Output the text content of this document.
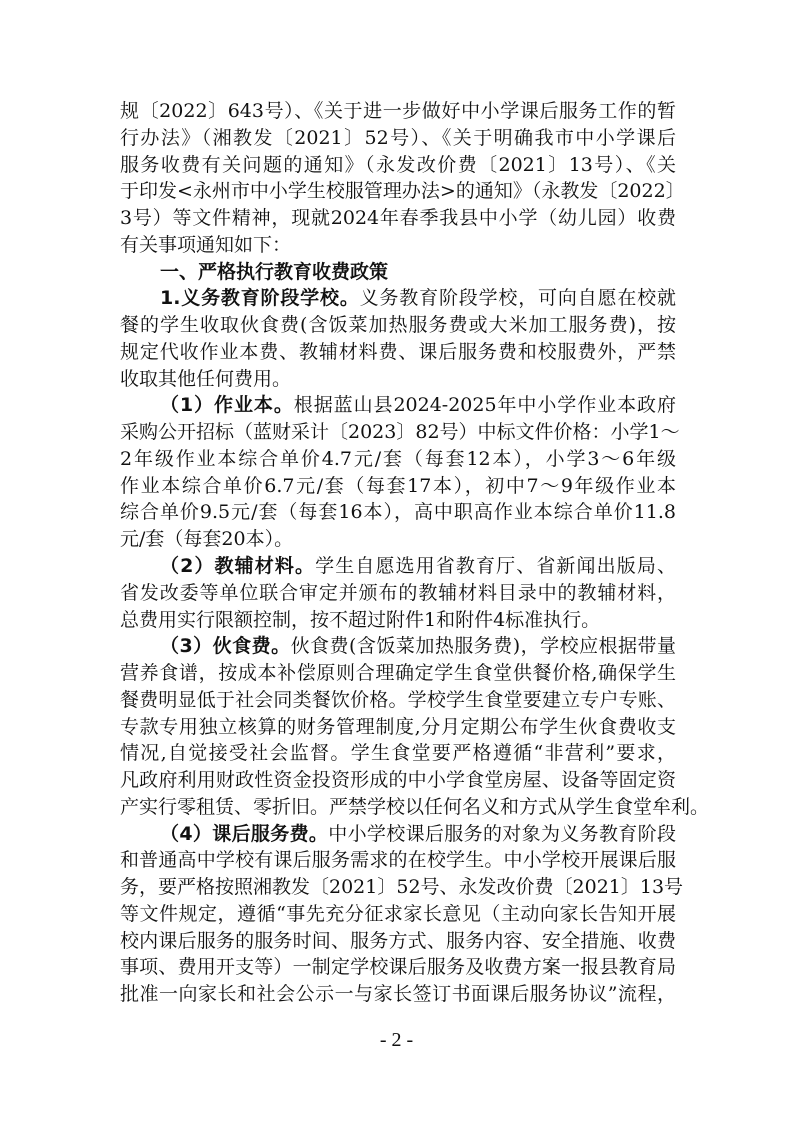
规〔2022〕643号）、《关于进一步做好中小学课后服务工作的暂
行办法》（湘教发〔2021〕52号）、《关于明确我市中小学课后
服务收费有关问题的通知》（永发改价费〔2021〕13号）、《关
于印发<永州市中小学生校服管理办法>的通知》（永教发〔2022〕
3号）等文件精神，现就2024年春季我县中小学（幼儿园）收费
有关事项通知如下：
一、严格执行教育收费政策
1.义务教育阶段学校。义务教育阶段学校，可向自愿在校就
餐的学生收取伙食费(含饭菜加热服务费或大米加工服务费)，按
规定代收作业本费、教辅材料费、课后服务费和校服费外，严禁
收取其他任何费用。
（1）作业本。根据蓝山县2024-2025年中小学作业本政府
采购公开招标（蓝财采计〔2023〕82号）中标文件价格：小学1～
2年级作业本综合单价4.7元/套（每套12本），小学3～6年级
作业本综合单价6.7元/套（每套17本），初中7～9年级作业本
综合单价9.5元/套（每套16本），高中职高作业本综合单价11.8
元/套（每套20本）。
（2）教辅材料。学生自愿选用省教育厅、省新闻出版局、
省发改委等单位联合审定并颁布的教辅材料目录中的教辅材料，
总费用实行限额控制，按不超过附件1和附件4标准执行。
（3）伙食费。伙食费(含饭菜加热服务费)，学校应根据带量
营养食谱，按成本补偿原则合理确定学生食堂供餐价格,确保学生
餐费明显低于社会同类餐饮价格。学校学生食堂要建立专户专账、
专款专用独立核算的财务管理制度,分月定期公布学生伙食费收支
情况,自觉接受社会监督。学生食堂要严格遵循“非营利”要求，
凡政府利用财政性资金投资形成的中小学食堂房屋、设备等固定资
产实行零租赁、零折旧。严禁学校以任何名义和方式从学生食堂牟利。
- 2 -
（4）课后服务费。中小学校课后服务的对象为义务教育阶段
和普通高中学校有课后服务需求的在校学生。中小学校开展课后服
务，要严格按照湘教发〔2021〕52号、永发改价费〔2021〕13号
等文件规定，遵循“事先充分征求家长意见（主动向家长告知开展
校内课后服务的服务时间、服务方式、服务内容、安全措施、收费
事项、费用开支等）一制定学校课后服务及收费方案一报县教育局
批准一向家长和社会公示一与家长签订书面课后服务协议”流程，
